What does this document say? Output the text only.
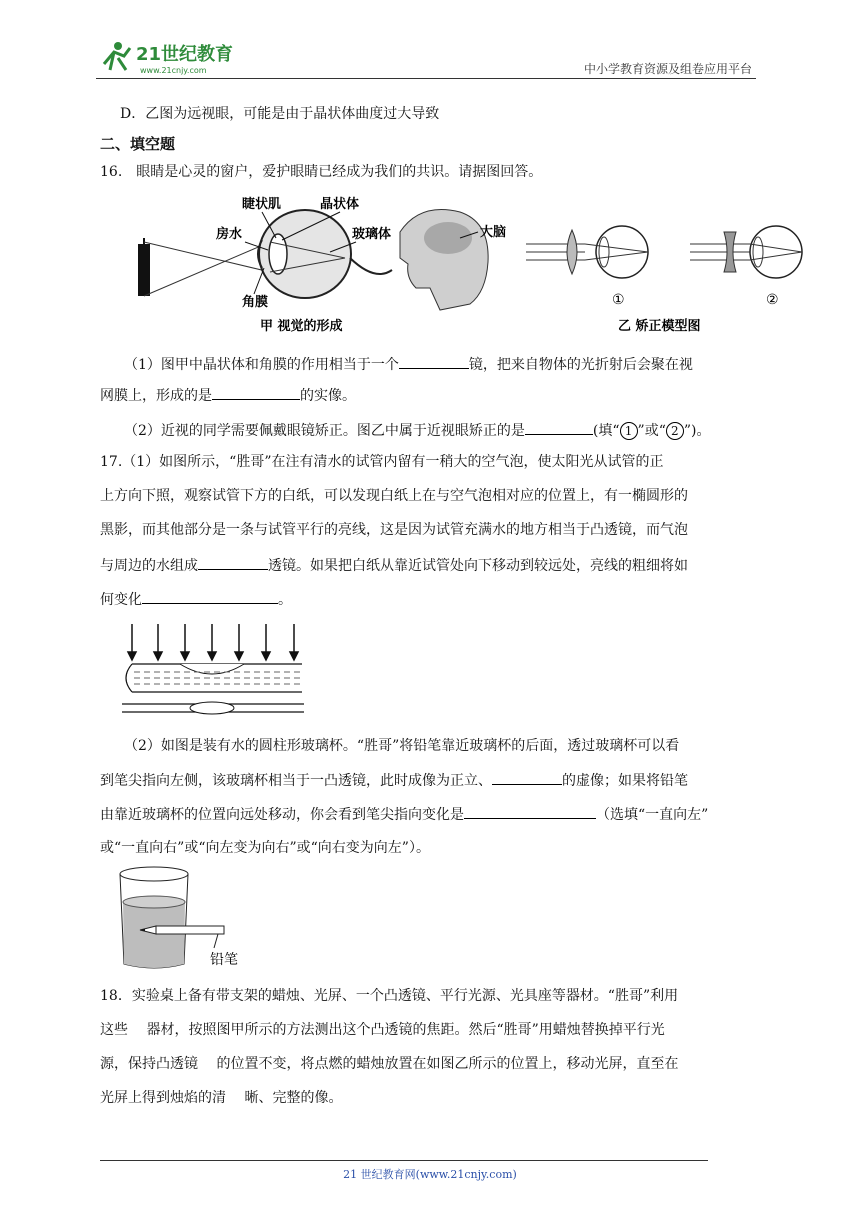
21世纪教育
www.21cnjy.com	中小学教育资源及组卷应用平台
D．乙图为远视眼，可能是由于晶状体曲度过大导致
二、填空题
16.　眼睛是心灵的窗户，爱护眼睛已经成为我们的共识。请据图回答。
睫状肌	晶状体
房水	玻璃体	大脑
角膜
甲 视觉的形成
①	②
乙 矫正模型图
（1）图甲中晶状体和角膜的作用相当于一个	镜，把来自物体的光折射后会聚在视
网膜上，形成的是	的实像。
（2）近视的同学需要佩戴眼镜矫正。图乙中属于近视眼矫正的是	(填“ 1 ”或“ 2 ”)。
17.（1）如图所示，“胜哥”在注有清水的试管内留有一稍大的空气泡，使太阳光从试管的正
上方向下照，观察试管下方的白纸，可以发现白纸上在与空气泡相对应的位置上，有一椭圆形的
黑影，而其他部分是一条与试管平行的亮线，这是因为试管充满水的地方相当于凸透镜，而气泡
与周边的水组成	透镜。如果把白纸从靠近试管处向下移动到较远处，亮线的粗细将如
何变化	。
（2）如图是装有水的圆柱形玻璃杯。“胜哥”将铅笔靠近玻璃杯的后面，透过玻璃杯可以看
到笔尖指向左侧，该玻璃杯相当于一凸透镜，此时成像为正立、	的虚像；如果将铅笔
由靠近玻璃杯的位置向远处移动，你会看到笔尖指向变化是	（选填“一直向左”
或“一直向右”或“向左变为向右”或“向右变为向左”）。
铅笔
18．实验桌上备有带支架的蜡烛、光屏、一个凸透镜、平行光源、光具座等器材。“胜哥”利用
这些　 器材，按照图甲所示的方法测出这个凸透镜的焦距。然后“胜哥”用蜡烛替换掉平行光
源，保持凸透镜　 的位置不变，将点燃的蜡烛放置在如图乙所示的位置上，移动光屏，直至在
光屏上得到烛焰的清　 晰、完整的像。
21 世纪教育网(www.21cnjy.com)
